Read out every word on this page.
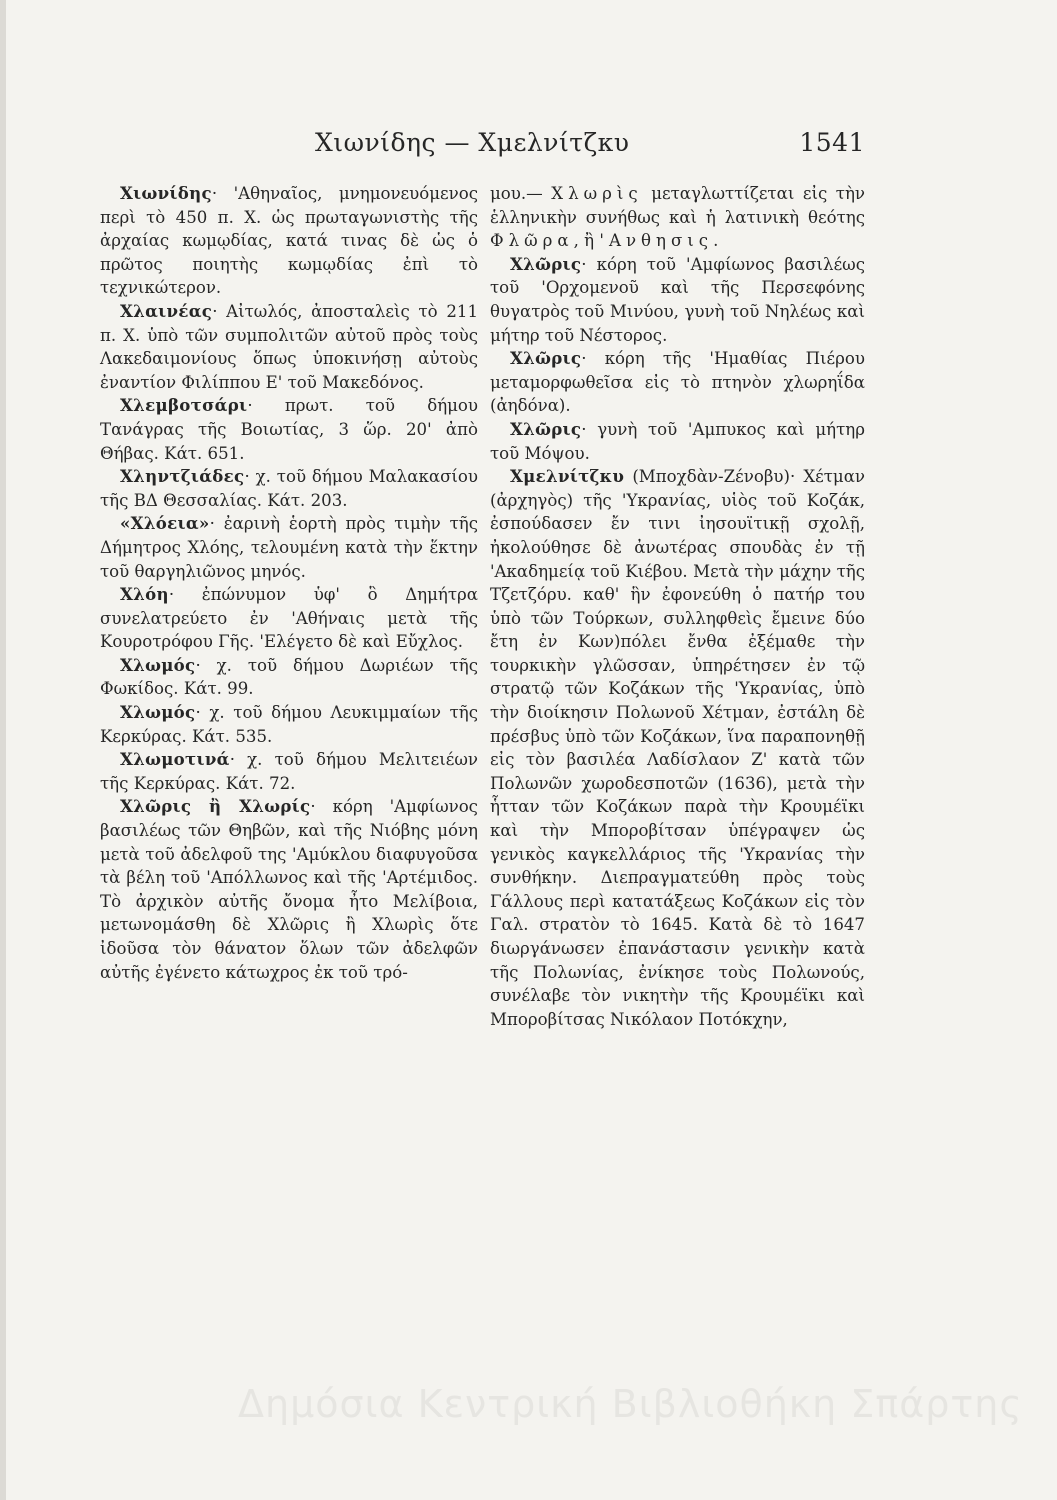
Χιωνίδης — Χμελνίτζκυ	1541

Χιωνίδης· 'Αθηναῖος, μνημονευόμενος περὶ τὸ 450 π. Χ. ὡς πρωταγωνιστὴς τῆς ἀρχαίας κωμῳδίας, κατά τινας δὲ ὡς ὁ πρῶτος ποιητὴς κωμῳδίας ἐπὶ τὸ τεχνικώτερον.

Χλαινέας· Αἰτωλός, ἀποσταλεὶς τὸ 211 π. Χ. ὑπὸ τῶν συμπολιτῶν αὐτοῦ πρὸς τοὺς Λακεδαιμονίους ὅπως ὑποκινήσῃ αὐτοὺς ἐναντίον Φιλίππου Ε' τοῦ Μακεδόνος.

Χλεμβοτσάρι· πρωτ. τοῦ δήμου Τανάγρας τῆς Βοιωτίας, 3 ὥρ. 20' ἀπὸ Θήβας. Κάτ. 651.

Χληντζιάδες· χ. τοῦ δήμου Μαλακασίου τῆς ΒΔ Θεσσαλίας. Κάτ. 203.

«Χλόεια»· ἐαρινὴ ἑορτὴ πρὸς τιμὴν τῆς Δήμητρος Χλόης, τελουμένη κατὰ τὴν ἕκτην τοῦ θαργηλιῶνος μηνός.

Χλόη· ἐπώνυμον ὑφ' ὃ Δημήτρα συνελατρεύετο ἐν 'Αθήναις μετὰ τῆς Κουροτρόφου Γῆς. 'Ελέγετο δὲ καὶ Εὔχλος.

Χλωμός· χ. τοῦ δήμου Δωριέων τῆς Φωκίδος. Κάτ. 99.

Χλωμός· χ. τοῦ δήμου Λευκιμμαίων τῆς Κερκύρας. Κάτ. 535.

Χλωμοτινά· χ. τοῦ δήμου Μελιτειέων τῆς Κερκύρας. Κάτ. 72.

Χλῶρις ἢ Χλωρίς· κόρη 'Αμφίωνος βασιλέως τῶν Θηβῶν, καὶ τῆς Νιόβης μόνη μετὰ τοῦ ἀδελφοῦ της 'Αμύκλου διαφυγοῦσα τὰ βέλη τοῦ 'Απόλλωνος καὶ τῆς 'Αρτέμιδος. Τὸ ἀρχικὸν αὐτῆς ὄνομα ἦτο Μελίβοια, μετωνομάσθη δὲ Χλῶρις ἢ Χλωρὶς ὅτε ἰδοῦσα τὸν θάνατον ὅλων τῶν ἀδελφῶν αὐτῆς ἐγένετο κάτωχρος ἐκ τοῦ τρό-

μου.— Χλωρὶς μεταγλωττίζεται εἰς τὴν ἑλληνικὴν συνήθως καὶ ἡ λατινικὴ θεότης Φλῶρα, ἢ 'Ανθησις.

Χλῶρις· κόρη τοῦ 'Αμφίωνος βασιλέως τοῦ 'Ορχομενοῦ καὶ τῆς Περσεφόνης θυγατρὸς τοῦ Μινύου, γυνὴ τοῦ Νηλέως καὶ μήτηρ τοῦ Νέστορος.

Χλῶρις· κόρη τῆς 'Ημαθίας Πιέρου μεταμορφωθεῖσα εἰς τὸ πτηνὸν χλωρηΐδα (ἀηδόνα).

Χλῶρις· γυνὴ τοῦ 'Αμπυκος καὶ μήτηρ τοῦ Μόψου.

Χμελνίτζκυ (Μποχδὰν-Ζένοβυ)· Χέτμαν (ἀρχηγὸς) τῆς 'Υκρανίας, υἱὸς τοῦ Κοζάκ, ἐσπούδασεν ἔν τινι ἰησουϊτικῇ σχολῇ, ἠκολούθησε δὲ ἀνωτέρας σπουδὰς ἐν τῇ 'Ακαδημείᾳ τοῦ Κιέβου. Μετὰ τὴν μάχην τῆς Τζετζόρυ. καθ' ἣν ἐφονεύθη ὁ πατήρ του ὑπὸ τῶν Τούρκων, συλληφθεὶς ἔμεινε δύο ἔτη ἐν Κων)πόλει ἔνθα ἐξέμαθε τὴν τουρκικὴν γλῶσσαν, ὑπηρέτησεν ἐν τῷ στρατῷ τῶν Κοζάκων τῆς 'Υκρανίας, ὑπὸ τὴν διοίκησιν Πολωνοῦ Χέτμαν, ἐστάλη δὲ πρέσβυς ὑπὸ τῶν Κοζάκων, ἵνα παραπονηθῇ εἰς τὸν βασιλέα Λαδίσλαον Ζ' κατὰ τῶν Πολωνῶν χωροδεσποτῶν (1636), μετὰ τὴν ἧτταν τῶν Κοζάκων παρὰ τὴν Κρουμέϊκι καὶ τὴν Μποροβίτσαν ὑπέγραψεν ὡς γενικὸς καγκελλάριος τῆς 'Υκρανίας τὴν συνθήκην. Διεπραγματεύθη πρὸς τοὺς Γάλλους περὶ κατατάξεως Κοζάκων εἰς τὸν Γαλ. στρατὸν τὸ 1645. Κατὰ δὲ τὸ 1647 διωργάνωσεν ἐπανάστασιν γενικὴν κατὰ τῆς Πολωνίας, ἐνίκησε τοὺς Πολωνούς, συνέλαβε τὸν νικητὴν τῆς Κρουμέϊκι καὶ Μποροβίτσας Νικόλαον Ποτόκχην,

Δημόσια Κεντρική Βιβλιοθήκη Σπάρτης
